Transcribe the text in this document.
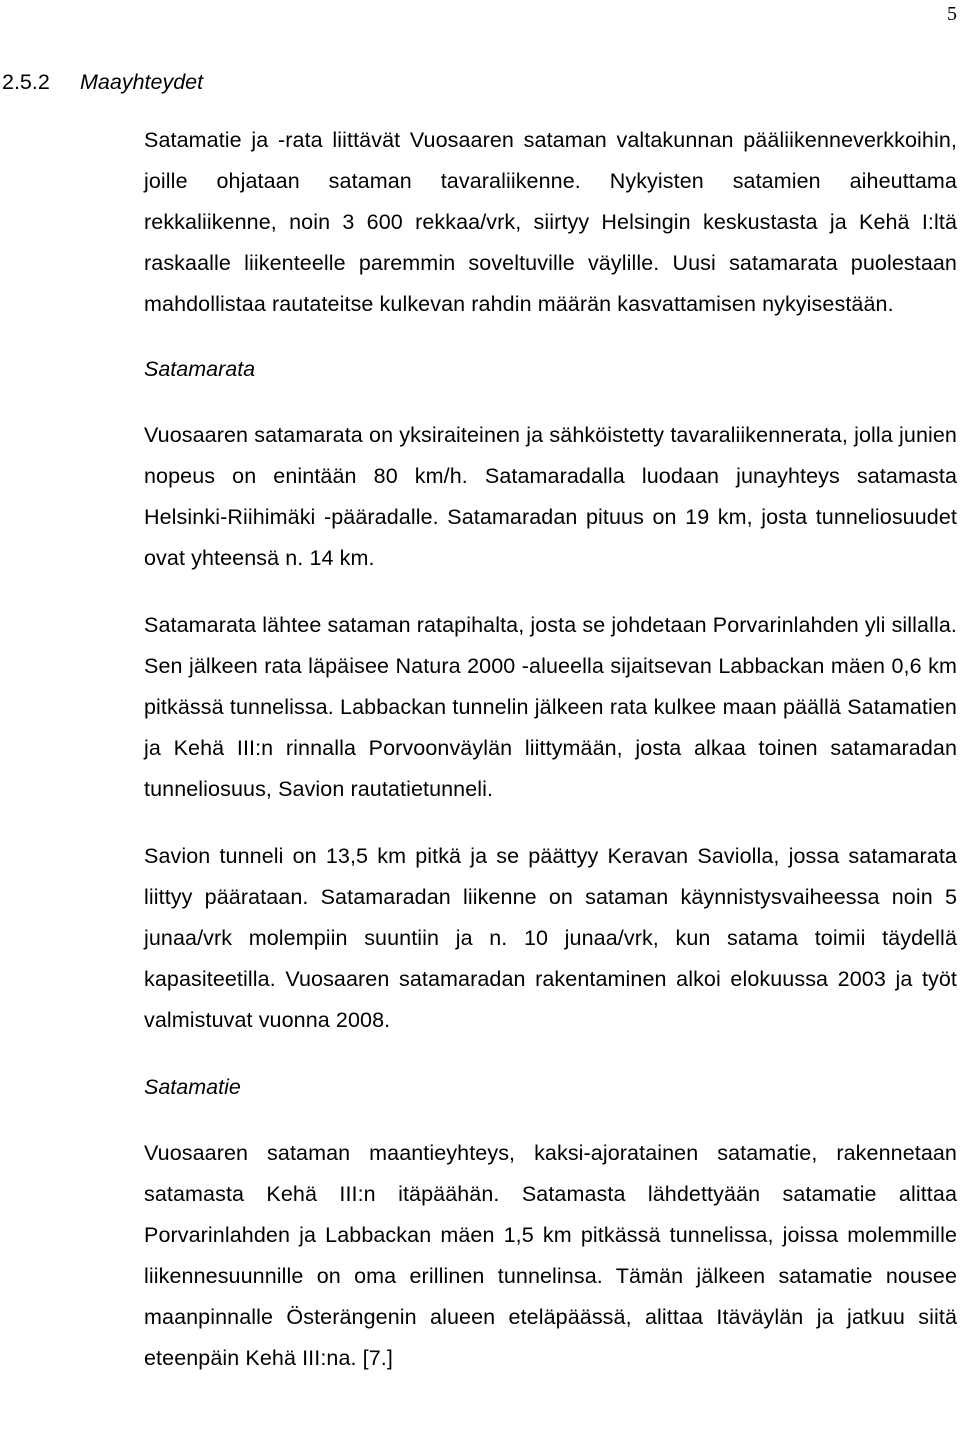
5
2.5.2 Maayhteydet

Satamatie ja -rata liittävät Vuosaaren sataman valtakunnan pääliikenneverkkoihin, joille ohjataan sataman tavaraliikenne. Nykyisten satamien aiheuttama rekkaliikenne, noin 3 600 rekkaa/vrk, siirtyy Helsingin keskustasta ja Kehä I:ltä raskaalle liikenteelle paremmin soveltuville väylille. Uusi satamarata puolestaan mahdollistaa rautateitse kulkevan rahdin määrän kasvattamisen nykyisestään.

Satamarata

Vuosaaren satamarata on yksiraiteinen ja sähköistetty tavaraliikennerata, jolla junien nopeus on enintään 80 km/h. Satamaradalla luodaan junayhteys satamasta Helsinki-Riihimäki -pääradalle. Satamaradan pituus on 19 km, josta tunneliosuudet ovat yhteensä n. 14 km.

Satamarata lähtee sataman ratapihalta, josta se johdetaan Porvarinlahden yli sillalla. Sen jälkeen rata läpäisee Natura 2000 -alueella sijaitsevan Labbackan mäen 0,6 km pitkässä tunnelissa. Labbackan tunnelin jälkeen rata kulkee maan päällä Satamatien ja Kehä III:n rinnalla Porvoonväylän liittymään, josta alkaa toinen satamaradan tunneliosuus, Savion rautatietunneli.

Savion tunneli on 13,5 km pitkä ja se päättyy Keravan Saviolla, jossa satamarata liittyy päärataan. Satamaradan liikenne on sataman käynnistysvaiheessa noin 5 junaa/vrk molempiin suuntiin ja n. 10 junaa/vrk, kun satama toimii täydellä kapasiteetilla. Vuosaaren satamaradan rakentaminen alkoi elokuussa 2003 ja työt valmistuvat vuonna 2008.

Satamatie

Vuosaaren sataman maantieyhteys, kaksi-ajoratainen satamatie, rakennetaan satamasta Kehä III:n itäpäähän. Satamasta lähdettyään satamatie alittaa Porvarinlahden ja Labbackan mäen 1,5 km pitkässä tunnelissa, joissa molemmille liikennesuunnille on oma erillinen tunnelinsa. Tämän jälkeen satamatie nousee maanpinnalle Österängenin alueen eteläpäässä, alittaa Itäväylän ja jatkuu siitä eteenpäin Kehä III:na. [7.]
